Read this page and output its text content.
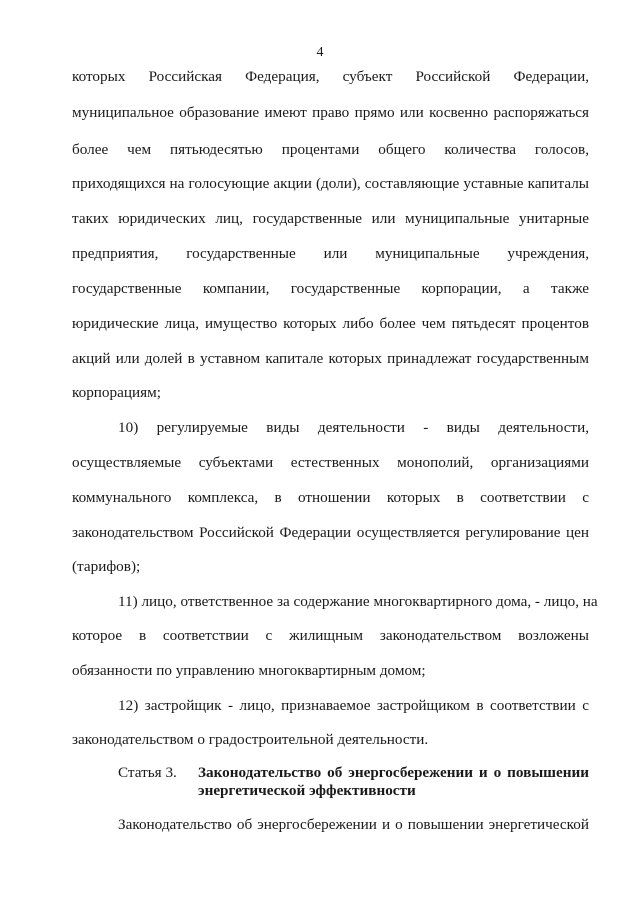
4
которых Российская Федерация, субъект Российской Федерации,
муниципальное образование имеют право прямо или косвенно распоряжаться
более чем пятьюдесятью процентами общего количества голосов,
приходящихся на голосующие акции (доли), составляющие уставные капиталы
таких юридических лиц, государственные или муниципальные унитарные
предприятия, государственные или муниципальные учреждения,
государственные компании, государственные корпорации, а также
юридические лица, имущество которых либо более чем пятьдесят процентов
акций или долей в уставном капитале которых принадлежат государственным
корпорациям;
10) регулируемые виды деятельности - виды деятельности,
осуществляемые субъектами естественных монополий, организациями
коммунального комплекса, в отношении которых в соответствии с
законодательством Российской Федерации осуществляется регулирование цен
(тарифов);
11) лицо, ответственное за содержание многоквартирного дома, - лицо, на
которое в соответствии с жилищным законодательством возложены
обязанности по управлению многоквартирным домом;
12) застройщик - лицо, признаваемое застройщиком в соответствии с
законодательством о градостроительной деятельности.
Статья 3. Законодательство об энергосбережении и о повышении
энергетической эффективности
Законодательство об энергосбережении и о повышении энергетической
